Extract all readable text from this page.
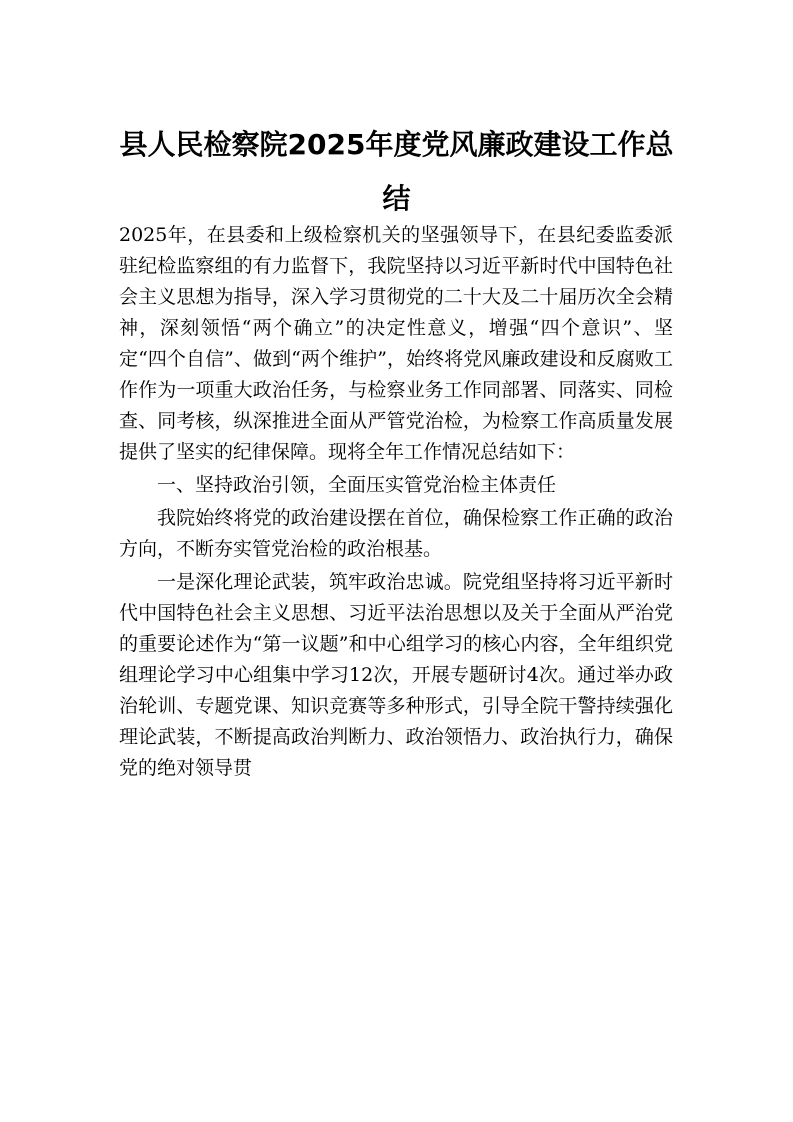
县人民检察院2025年度党风廉政建设工作总结

2025年，在县委和上级检察机关的坚强领导下，在县纪委监委派驻纪检监察组的有力监督下，我院坚持以习近平新时代中国特色社会主义思想为指导，深入学习贯彻党的二十大及二十届历次全会精神，深刻领悟“两个确立”的决定性意义，增强“四个意识”、坚定“四个自信”、做到“两个维护”，始终将党风廉政建设和反腐败工作作为一项重大政治任务，与检察业务工作同部署、同落实、同检查、同考核，纵深推进全面从严管党治检，为检察工作高质量发展提供了坚实的纪律保障。现将全年工作情况总结如下：

一、坚持政治引领，全面压实管党治检主体责任

我院始终将党的政治建设摆在首位，确保检察工作正确的政治方向，不断夯实管党治检的政治根基。

一是深化理论武装，筑牢政治忠诚。院党组坚持将习近平新时代中国特色社会主义思想、习近平法治思想以及关于全面从严治党的重要论述作为“第一议题”和中心组学习的核心内容，全年组织党组理论学习中心组集中学习12次，开展专题研讨4次。通过举办政治轮训、专题党课、知识竞赛等多种形式，引导全院干警持续强化理论武装，不断提高政治判断力、政治领悟力、政治执行力，确保党的绝对领导贯
